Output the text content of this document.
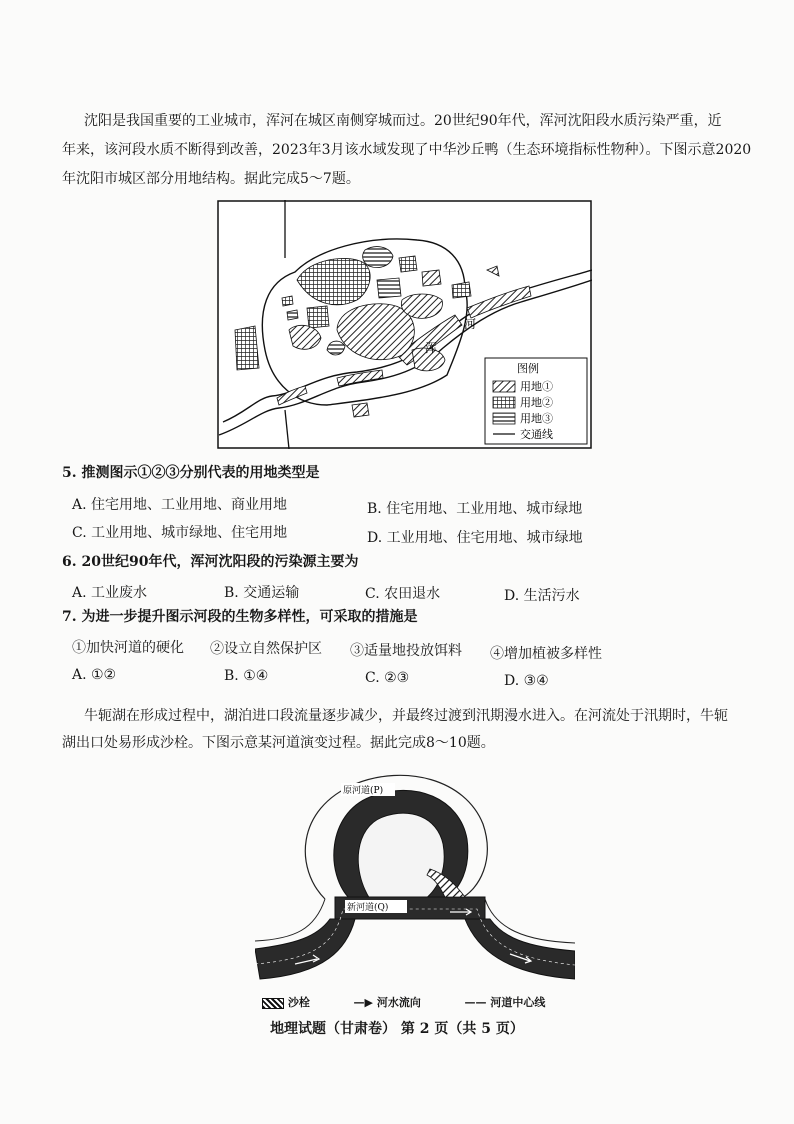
沈阳是我国重要的工业城市，浑河在城区南侧穿城而过。20世纪90年代，浑河沈阳段水质污染严重，近
年来，该河段水质不断得到改善，2023年3月该水域发现了中华沙丘鸭（生态环境指标性物种）。下图示意2020
年沈阳市城区部分用地结构。据此完成5～7题。
河
浑
图例
用地①
用地②
用地③
交通线
5. 推测图示①②③分别代表的用地类型是
A. 住宅用地、工业用地、商业用地	B. 住宅用地、工业用地、城市绿地
C. 工业用地、城市绿地、住宅用地	D. 工业用地、住宅用地、城市绿地
6. 20世纪90年代，浑河沈阳段的污染源主要为
A. 工业废水	B. 交通运输	C. 农田退水	D. 生活污水
7. 为进一步提升图示河段的生物多样性，可采取的措施是
①加快河道的硬化 ②设立自然保护区 ③适量地投放饵料 ④增加植被多样性
A. ①②	B. ①④	C. ②③	D. ③④
牛轭湖在形成过程中，湖泊进口段流量逐步减少，并最终过渡到汛期漫水进入。在河流处于汛期时，牛轭
湖出口处易形成沙栓。下图示意某河道演变过程。据此完成8～10题。
原河道(P)
新河道(Q)
沙栓	—▶ 河水流向	—— 河道中心线
地理试题（甘肃卷） 第 2 页（共 5 页）
